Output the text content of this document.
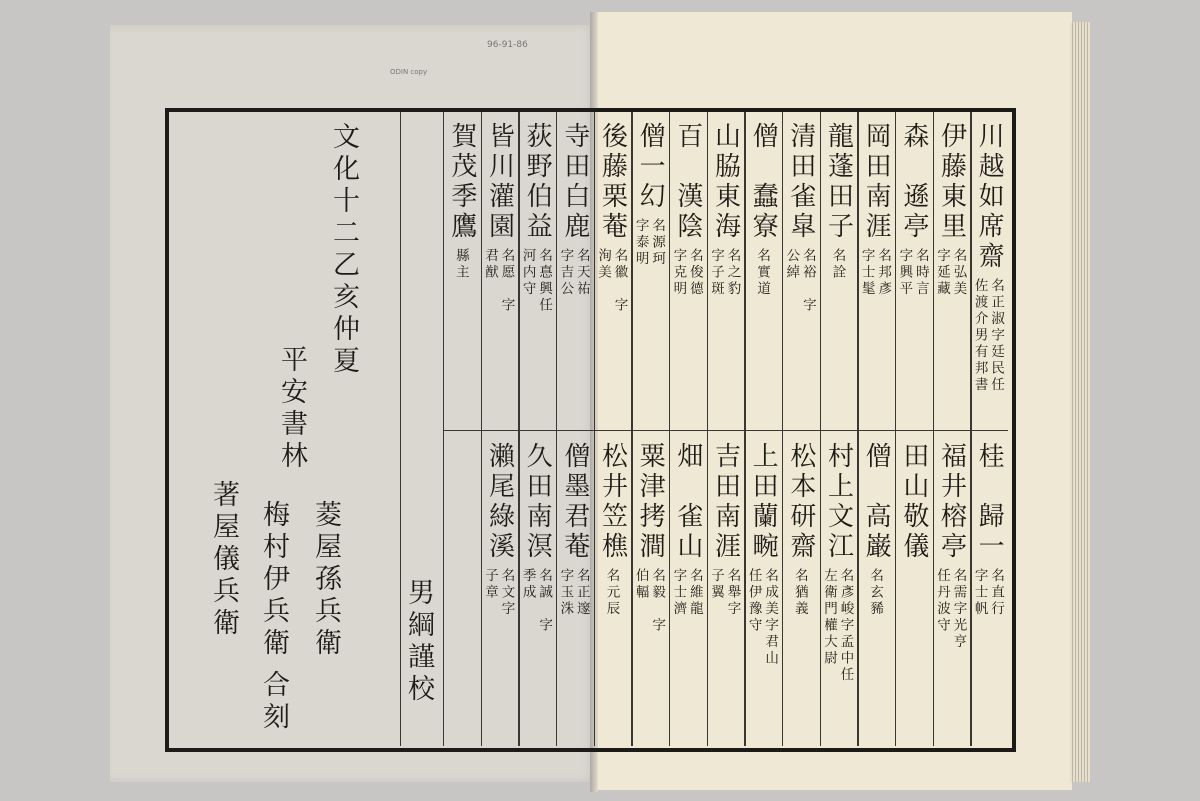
96-91-86
ODIN copy
文化十二乙亥仲夏
平安書林
菱屋孫兵衛
梅村伊兵衛
合刻
著屋儀兵衛
男綱謹校
川越如席齋
名正淑字廷民任
佐渡介男有邦書
伊藤東里
名弘美
字延藏
森　遜亭
名時言
字興平
岡田南涯
名邦彥
字士髦
龍蓬田子
名詮
清田雀皐
名裕　字
公綽
僧　蠢寮
名實道
山脇東海
名之豹
字子斑
百　漢陰
名俊德
字克明
僧一幻
名源珂
字泰明
後藤栗菴
名徽　字
洵美
寺田白鹿
名天祐
字吉公
荻野伯益
名惪興任
河内守
皆川灌園
名愿　字
君猷
賀茂季鷹
縣主
桂　歸一
名直行
字士帆
福井榕亭
名需字光亨
任丹波守
田山敬儀
僧　高巌
名玄豨
村上文江
名彥峻字孟中任
左衛門權大尉
松本研齋
名猶義
上田蘭畹
名成美字君山
任伊豫守
吉田南涯
名舉字
子翼
畑　雀山
名維龍
字士濟
粟津拷澗
名毅　字
伯輻
松井笠樵
名元辰
僧墨君菴
名正邃
字玉洙
久田南溟
名誠　字
季成
瀨尾綠溪
名文字
子章
